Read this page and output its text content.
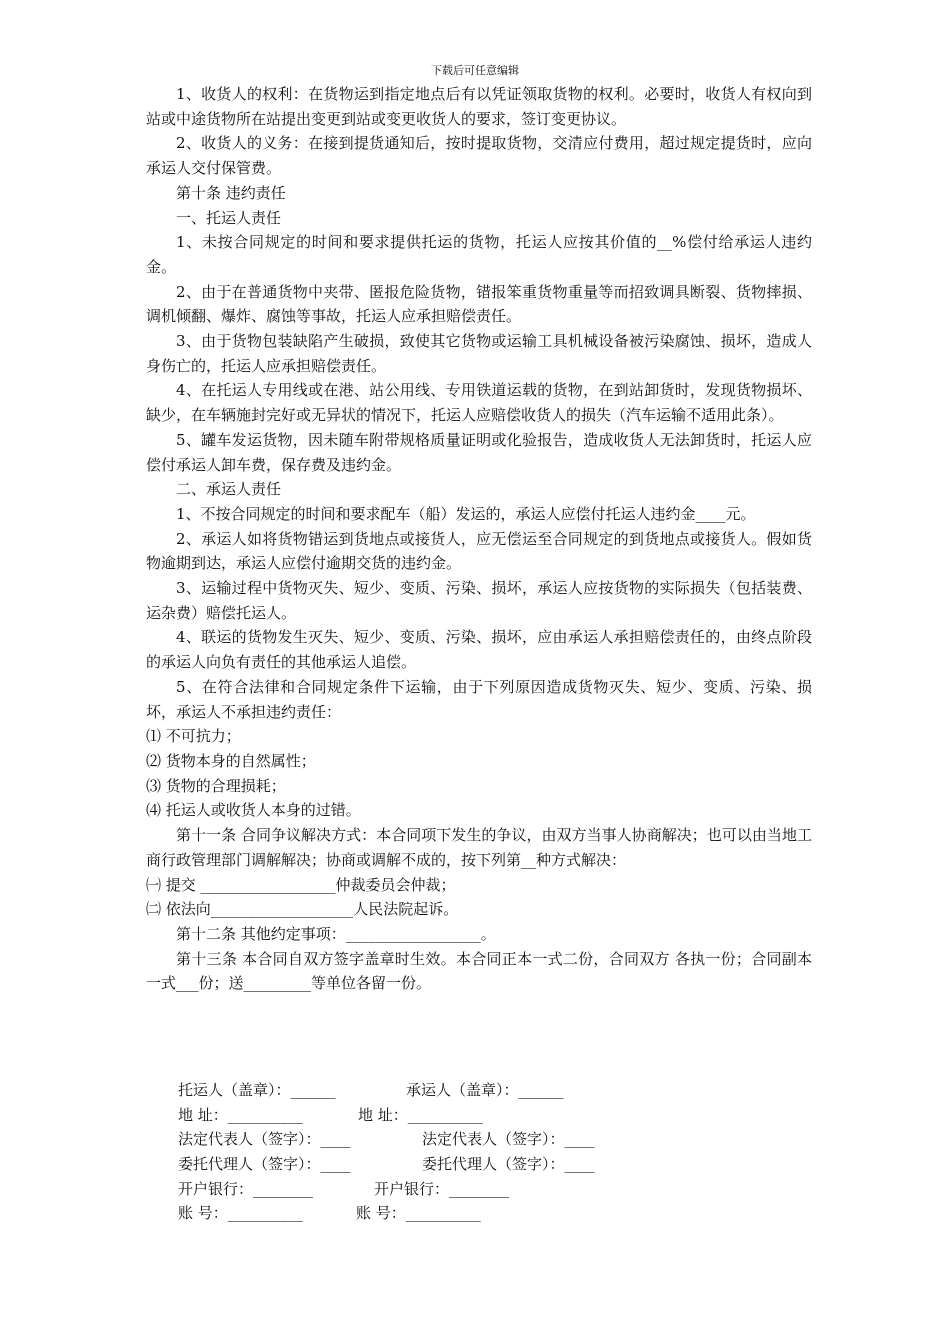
下载后可任意编辑

1、收货人的权利：在货物运到指定地点后有以凭证领取货物的权利。必要时，收货人有权向到站或中途货物所在站提出变更到站或变更收货人的要求，签订变更协议。

2、收货人的义务：在接到提货通知后，按时提取货物，交清应付费用，超过规定提货时，应向承运人交付保管费。

第十条 违约责任

一、托运人责任

1、未按合同规定的时间和要求提供托运的货物，托运人应按其价值的__%偿付给承运人违约金。

2、由于在普通货物中夹带、匿报危险货物，错报笨重货物重量等而招致调具断裂、货物摔损、调机倾翻、爆炸、腐蚀等事故，托运人应承担赔偿责任。

3、由于货物包装缺陷产生破损，致使其它货物或运输工具机械设备被污染腐蚀、损坏，造成人身伤亡的，托运人应承担赔偿责任。

4、在托运人专用线或在港、站公用线、专用铁道运载的货物，在到站卸货时，发现货物损坏、缺少，在车辆施封完好或无异状的情况下，托运人应赔偿收货人的损失（汽车运输不适用此条）。

5、罐车发运货物，因未随车附带规格质量证明或化验报告，造成收货人无法卸货时，托运人应偿付承运人卸车费，保存费及违约金。

二、承运人责任

1、不按合同规定的时间和要求配车（船）发运的，承运人应偿付托运人违约金____元。

2、承运人如将货物错运到货地点或接货人，应无偿运至合同规定的到货地点或接货人。假如货物逾期到达，承运人应偿付逾期交货的违约金。

3、运输过程中货物灭失、短少、变质、污染、损坏，承运人应按货物的实际损失（包括装费、运杂费）赔偿托运人。

4、联运的货物发生灭失、短少、变质、污染、损坏，应由承运人承担赔偿责任的，由终点阶段的承运人向负有责任的其他承运人追偿。

5、在符合法律和合同规定条件下运输，由于下列原因造成货物灭失、短少、变质、污染、损坏，承运人不承担违约责任：

⑴ 不可抗力；

⑵ 货物本身的自然属性；

⑶ 货物的合理损耗；

⑷ 托运人或收货人本身的过错。

第十一条 合同争议解决方式：本合同项下发生的争议，由双方当事人协商解决；也可以由当地工商行政管理部门调解解决；协商或调解不成的，按下列第__种方式解决：

㈠ 提交 __________________仲裁委员会仲裁；

㈡ 依法向___________________人民法院起诉。

第十二条 其他约定事项：__________________。

第十三条 本合同自双方签字盖章时生效。本合同正本一式二份，合同双方 各执一份；合同副本一式___份；送_________等单位各留一份。

托运人（盖章）：______	承运人（盖章）：______
地 址：__________	地 址：__________
法定代表人（签字）：____	法定代表人（签字）：____
委托代理人（签字）：____	委托代理人（签字）：____
开户银行：________	开户银行：________
账 号：__________	账 号：__________
